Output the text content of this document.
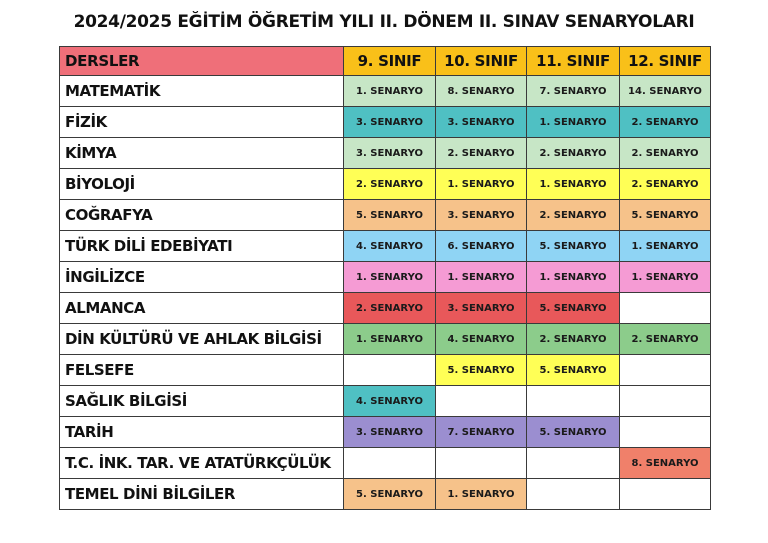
2024/2025 EĞİTİM ÖĞRETİM YILI II. DÖNEM II. SINAV SENARYOLARI
DERSLER	9. SINIF	10. SINIF	11. SINIF	12. SINIF
MATEMATİK	1. SENARYO	8. SENARYO	7. SENARYO	14. SENARYO
FİZİK	3. SENARYO	3. SENARYO	1. SENARYO	2. SENARYO
KİMYA	3. SENARYO	2. SENARYO	2. SENARYO	2. SENARYO
BİYOLOJİ	2. SENARYO	1. SENARYO	1. SENARYO	2. SENARYO
COĞRAFYA	5. SENARYO	3. SENARYO	2. SENARYO	5. SENARYO
TÜRK DİLİ EDEBİYATI	4. SENARYO	6. SENARYO	5. SENARYO	1. SENARYO
İNGİLİZCE	1. SENARYO	1. SENARYO	1. SENARYO	1. SENARYO
ALMANCA	2. SENARYO	3. SENARYO	5. SENARYO	
DİN KÜLTÜRÜ VE AHLAK BİLGİSİ	1. SENARYO	4. SENARYO	2. SENARYO	2. SENARYO
FELSEFE		5. SENARYO	5. SENARYO	
SAĞLIK BİLGİSİ	4. SENARYO			
TARİH	3. SENARYO	7. SENARYO	5. SENARYO	
T.C. İNK. TAR. VE ATATÜRKÇÜLÜK				8. SENARYO
TEMEL DİNİ BİLGİLER	5. SENARYO	1. SENARYO		
